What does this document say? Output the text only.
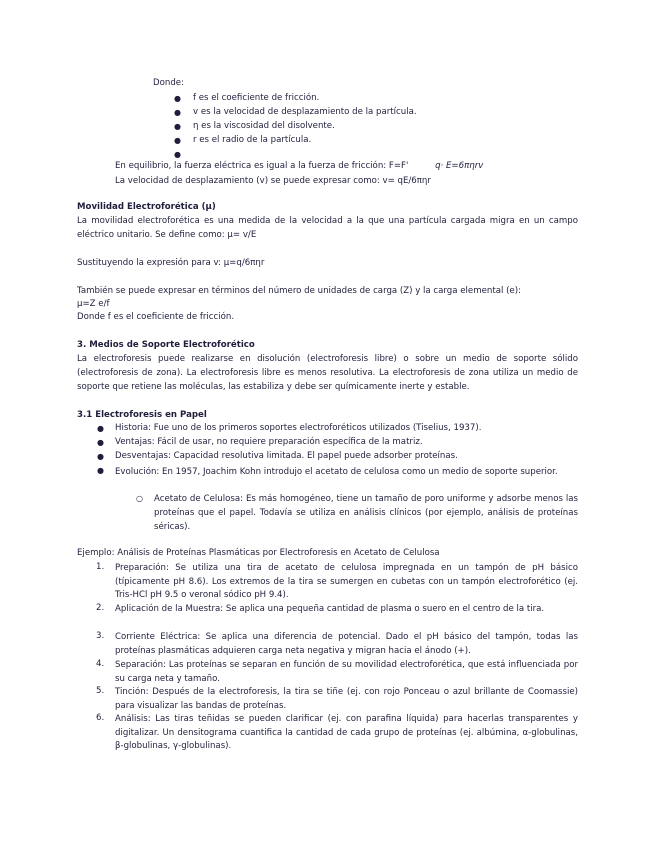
Donde:
● f es el coeficiente de fricción.
● v es la velocidad de desplazamiento de la partícula.
● η es la viscosidad del disolvente.
● r es el radio de la partícula.
●
En equilibrio, la fuerza eléctrica es igual a la fuerza de fricción: F=F'	q· E=6πηrv
La velocidad de desplazamiento (v) se puede expresar como: v= qE/6πηr
Movilidad Electroforética (μ)
La movilidad electroforética es una medida de la velocidad a la que una partícula cargada migra en un campo eléctrico unitario. Se define como: μ= v/E
Sustituyendo la expresión para v: μ=q/6πηr
También se puede expresar en términos del número de unidades de carga (Z) y la carga elemental (e):
μ=Z e/f
Donde f es el coeficiente de fricción.
3. Medios de Soporte Electroforético
La electroforesis puede realizarse en disolución (electroforesis libre) o sobre un medio de soporte sólido (electroforesis de zona). La electroforesis libre es menos resolutiva. La electroforesis de zona utiliza un medio de soporte que retiene las moléculas, las estabiliza y debe ser químicamente inerte y estable.
3.1 Electroforesis en Papel
● Historia: Fue uno de los primeros soportes electroforéticos utilizados (Tiselius, 1937).
● Ventajas: Fácil de usar, no requiere preparación específica de la matriz.
● Desventajas: Capacidad resolutiva limitada. El papel puede adsorber proteínas.
● Evolución: En 1957, Joachim Kohn introdujo el acetato de celulosa como un medio de soporte superior.
○ Acetato de Celulosa: Es más homogéneo, tiene un tamaño de poro uniforme y adsorbe menos las proteínas que el papel. Todavía se utiliza en análisis clínicos (por ejemplo, análisis de proteínas séricas).
Ejemplo: Análisis de Proteínas Plasmáticas por Electroforesis en Acetato de Celulosa
1.	Preparación: Se utiliza una tira de acetato de celulosa impregnada en un tampón de pH básico (típicamente pH 8.6). Los extremos de la tira se sumergen en cubetas con un tampón electroforético (ej. Tris-HCl pH 9.5 o veronal sódico pH 9.4).
2.	Aplicación de la Muestra: Se aplica una pequeña cantidad de plasma o suero en el centro de la tira.
3.	Corriente Eléctrica: Se aplica una diferencia de potencial. Dado el pH básico del tampón, todas las proteínas plasmáticas adquieren carga neta negativa y migran hacia el ánodo (+).
4.	Separación: Las proteínas se separan en función de su movilidad electroforética, que está influenciada por su carga neta y tamaño.
5.	Tinción: Después de la electroforesis, la tira se tiñe (ej. con rojo Ponceau o azul brillante de Coomassie) para visualizar las bandas de proteínas.
6.	Análisis: Las tiras teñidas se pueden clarificar (ej. con parafina líquida) para hacerlas transparentes y digitalizar. Un densitograma cuantifica la cantidad de cada grupo de proteínas (ej. albúmina, α-globulinas, β-globulinas, γ-globulinas).
